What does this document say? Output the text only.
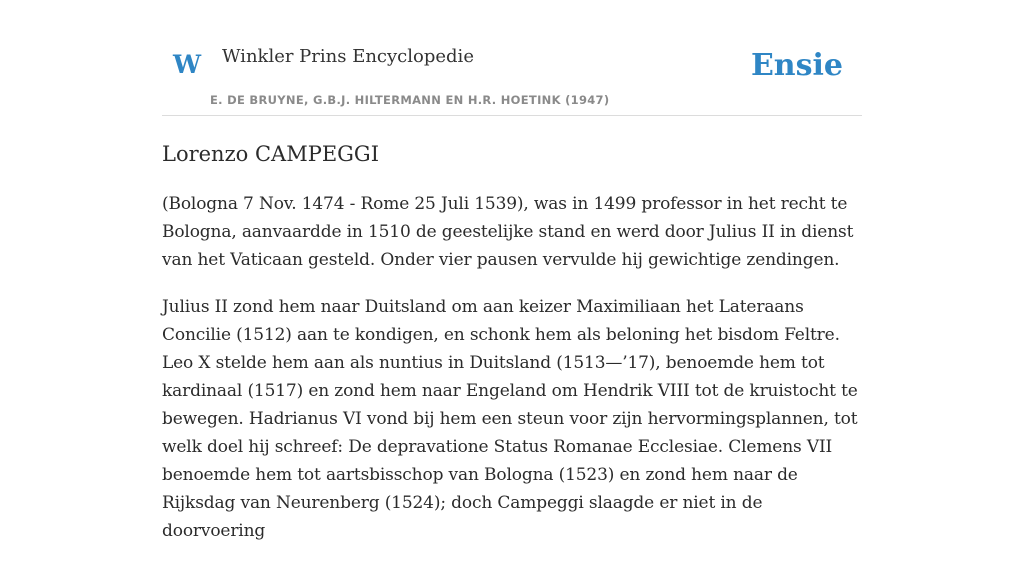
W Winkler Prins Encyclopedie
E. DE BRUYNE, G.B.J. HILTERMANN EN H.R. HOETINK (1947)
Ensie
Lorenzo CAMPEGGI

(Bologna 7 Nov. 1474 - Rome 25 Juli 1539), was in 1499 professor in het recht te Bologna, aanvaardde in 1510 de geestelijke stand en werd door Julius II in dienst van het Vaticaan gesteld. Onder vier pausen vervulde hij gewichtige zendingen.

Julius II zond hem naar Duitsland om aan keizer Maximiliaan het Lateraans Concilie (1512) aan te kondigen, en schonk hem als beloning het bisdom Feltre. Leo X stelde hem aan als nuntius in Duitsland (1513—’17), benoemde hem tot kardinaal (1517) en zond hem naar Engeland om Hendrik VIII tot de kruistocht te bewegen. Hadrianus VI vond bij hem een steun voor zijn hervormingsplannen, tot welk doel hij schreef: De depravatione Status Romanae Ecclesiae. Clemens VII benoemde hem tot aartsbisschop van Bologna (1523) en zond hem naar de Rijksdag van Neurenberg (1524); doch Campeggi slaagde er niet in de doorvoering
